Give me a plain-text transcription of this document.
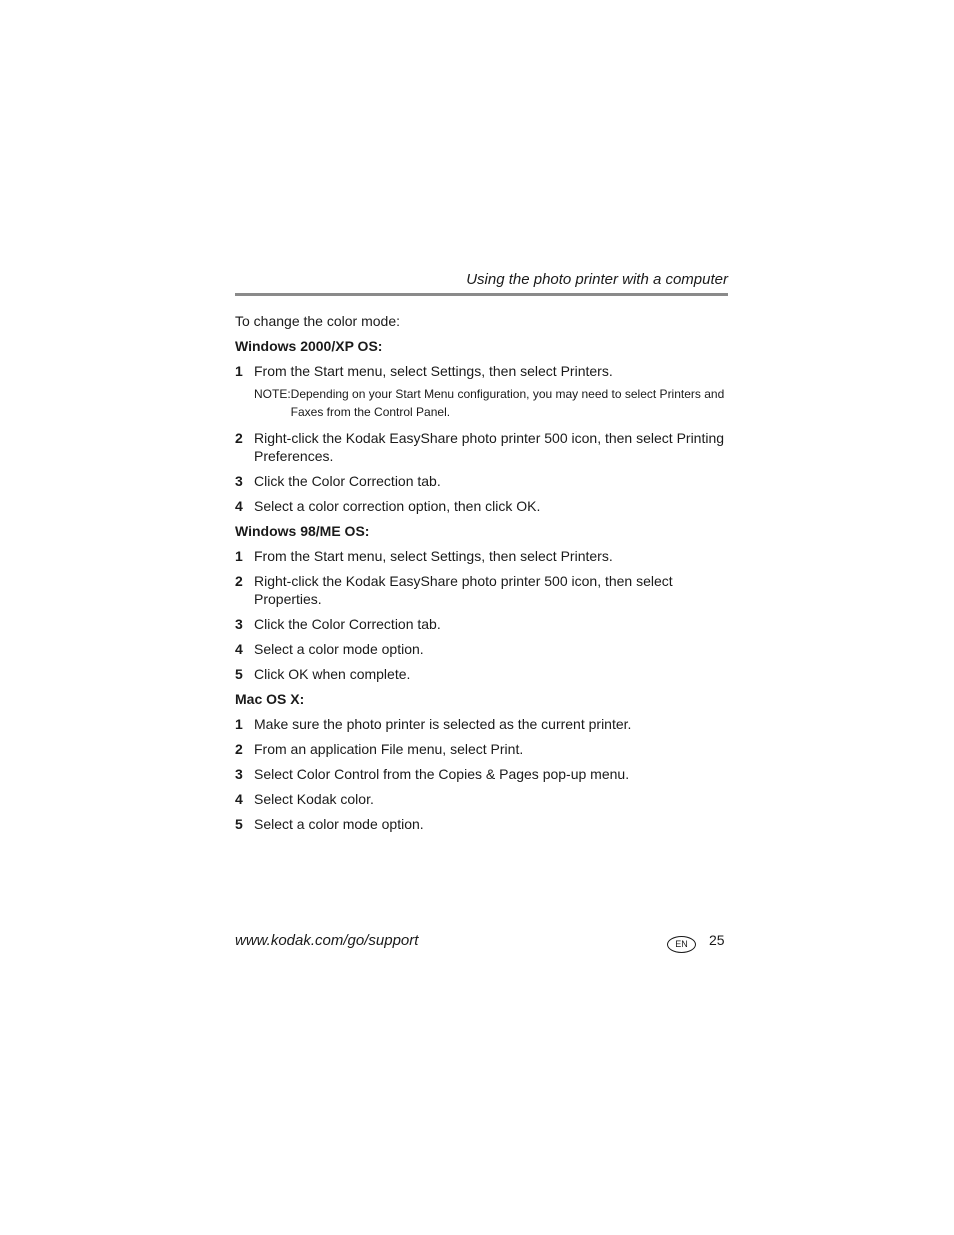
Using the photo printer with a computer

To change the color mode:

Windows 2000/XP OS:
1 From the Start menu, select Settings, then select Printers.
NOTE: Depending on your Start Menu configuration, you may need to select Printers and Faxes from the Control Panel.
2 Right-click the Kodak EasyShare photo printer 500 icon, then select Printing Preferences.
3 Click the Color Correction tab.
4 Select a color correction option, then click OK.
Windows 98/ME OS:
1 From the Start menu, select Settings, then select Printers.
2 Right-click the Kodak EasyShare photo printer 500 icon, then select Properties.
3 Click the Color Correction tab.
4 Select a color mode option.
5 Click OK when complete.
Mac OS X:
1 Make sure the photo printer is selected as the current printer.
2 From an application File menu, select Print.
3 Select Color Control from the Copies & Pages pop-up menu.
4 Select Kodak color.
5 Select a color mode option.
www.kodak.com/go/support	EN	25
